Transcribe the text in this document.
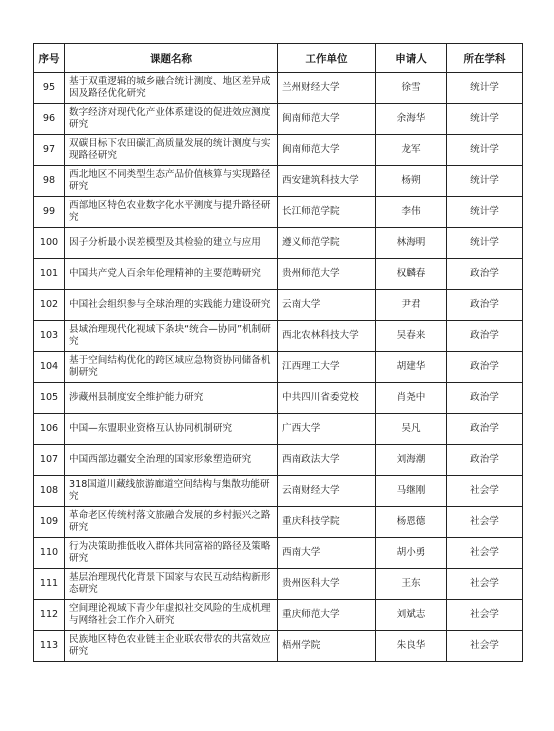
序号	课题名称	工作单位	申请人	所在学科
95	基于双重逻辑的城乡融合统计测度、地区差异成因及路径优化研究	兰州财经大学	徐雪	统计学
96	数字经济对现代化产业体系建设的促进效应测度研究	闽南师范大学	余海华	统计学
97	双碳目标下农田碳汇高质量发展的统计测度与实现路径研究	闽南师范大学	龙军	统计学
98	西北地区不同类型生态产品价值核算与实现路径研究	西安建筑科技大学	杨朔	统计学
99	西部地区特色农业数字化水平测度与提升路径研究	长江师范学院	李伟	统计学
100	因子分析最小误差模型及其检验的建立与应用	遵义师范学院	林海明	统计学
101	中国共产党人百余年伦理精神的主要范畴研究	贵州师范大学	权麟春	政治学
102	中国社会组织参与全球治理的实践能力建设研究	云南大学	尹君	政治学
103	县域治理现代化视域下条块“统合—协同”机制研究	西北农林科技大学	吴春来	政治学
104	基于空间结构优化的跨区域应急物资协同储备机制研究	江西理工大学	胡建华	政治学
105	涉藏州县制度安全维护能力研究	中共四川省委党校	肖尧中	政治学
106	中国—东盟职业资格互认协同机制研究	广西大学	吴凡	政治学
107	中国西部边疆安全治理的国家形象塑造研究	西南政法大学	刘海潮	政治学
108	318国道川藏线旅游廊道空间结构与集散功能研究	云南财经大学	马继刚	社会学
109	革命老区传统村落文旅融合发展的乡村振兴之路研究	重庆科技学院	杨恩德	社会学
110	行为决策助推低收入群体共同富裕的路径及策略研究	西南大学	胡小勇	社会学
111	基层治理现代化背景下国家与农民互动结构新形态研究	贵州医科大学	王东	社会学
112	空间理论视域下青少年虚拟社交风险的生成机理与网络社会工作介入研究	重庆师范大学	刘斌志	社会学
113	民族地区特色农业链主企业联农带农的共富效应研究	梧州学院	朱良华	社会学
